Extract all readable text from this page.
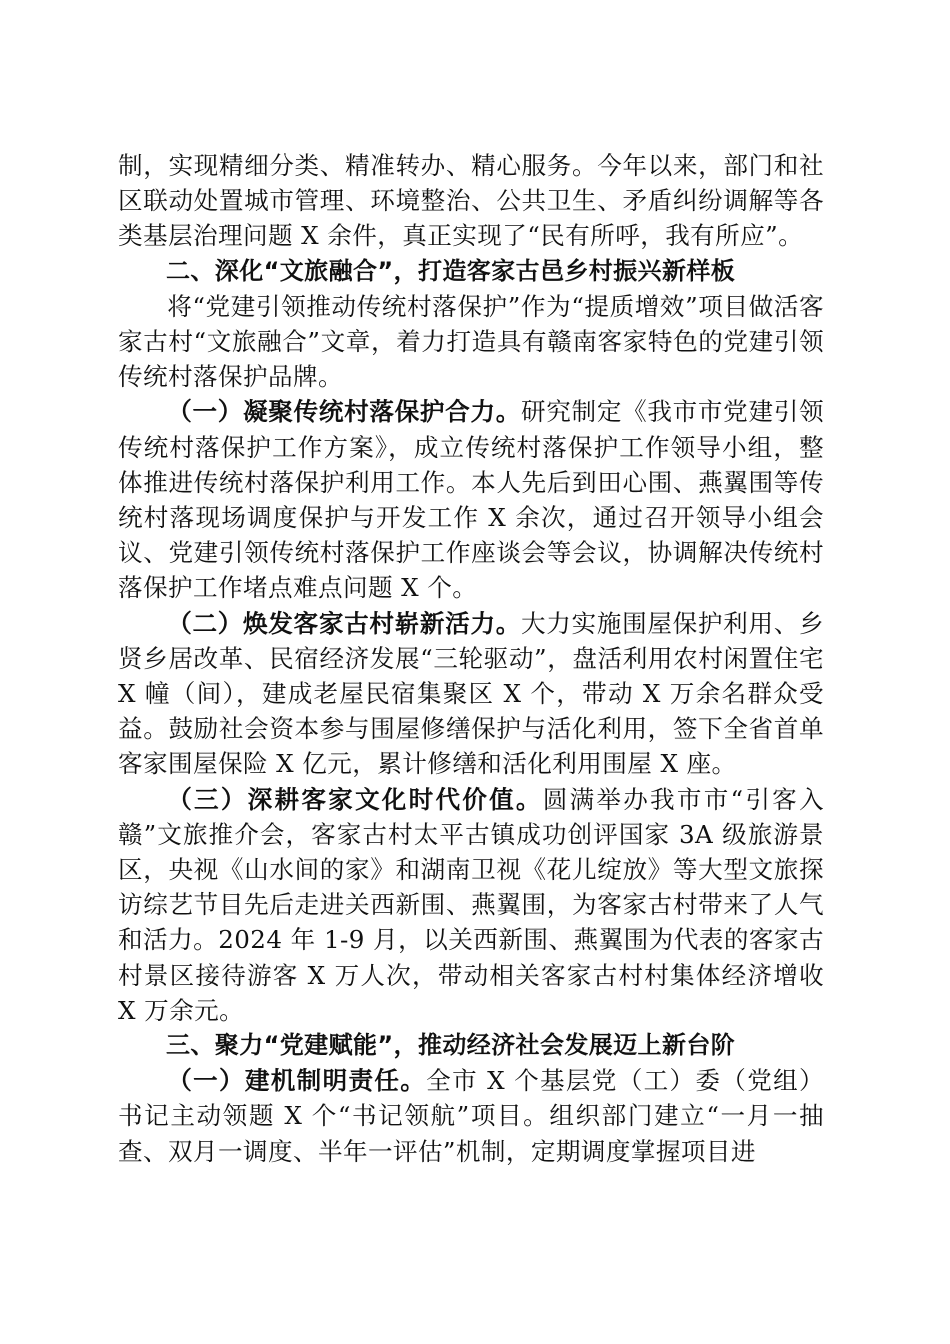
制，实现精细分类、精准转办、精心服务。今年以来，部门和社区联动处置城市管理、环境整治、公共卫生、矛盾纠纷调解等各类基层治理问题 X 余件，真正实现了“民有所呼，我有所应”。

二、深化“文旅融合”，打造客家古邑乡村振兴新样板

将“党建引领推动传统村落保护”作为“提质增效”项目做活客家古村“文旅融合”文章，着力打造具有赣南客家特色的党建引领传统村落保护品牌。

（一）凝聚传统村落保护合力。研究制定《我市市党建引领传统村落保护工作方案》，成立传统村落保护工作领导小组，整体推进传统村落保护利用工作。本人先后到田心围、燕翼围等传统村落现场调度保护与开发工作 X 余次，通过召开领导小组会议、党建引领传统村落保护工作座谈会等会议，协调解决传统村落保护工作堵点难点问题 X 个。

（二）焕发客家古村崭新活力。大力实施围屋保护利用、乡贤乡居改革、民宿经济发展“三轮驱动”，盘活利用农村闲置住宅 X 幢（间），建成老屋民宿集聚区 X 个，带动 X 万余名群众受益。鼓励社会资本参与围屋修缮保护与活化利用，签下全省首单客家围屋保险 X 亿元，累计修缮和活化利用围屋 X 座。

（三）深耕客家文化时代价值。圆满举办我市市“引客入赣”文旅推介会，客家古村太平古镇成功创评国家 3A 级旅游景区，央视《山水间的家》和湖南卫视《花儿绽放》等大型文旅探访综艺节目先后走进关西新围、燕翼围，为客家古村带来了人气和活力。2024 年 1-9 月，以关西新围、燕翼围为代表的客家古村景区接待游客 X 万人次，带动相关客家古村村集体经济增收 X 万余元。

三、聚力“党建赋能”，推动经济社会发展迈上新台阶

（一）建机制明责任。全市 X 个基层党（工）委（党组）书记主动领题 X 个“书记领航”项目。组织部门建立“一月一抽查、双月一调度、半年一评估”机制，定期调度掌握项目进
